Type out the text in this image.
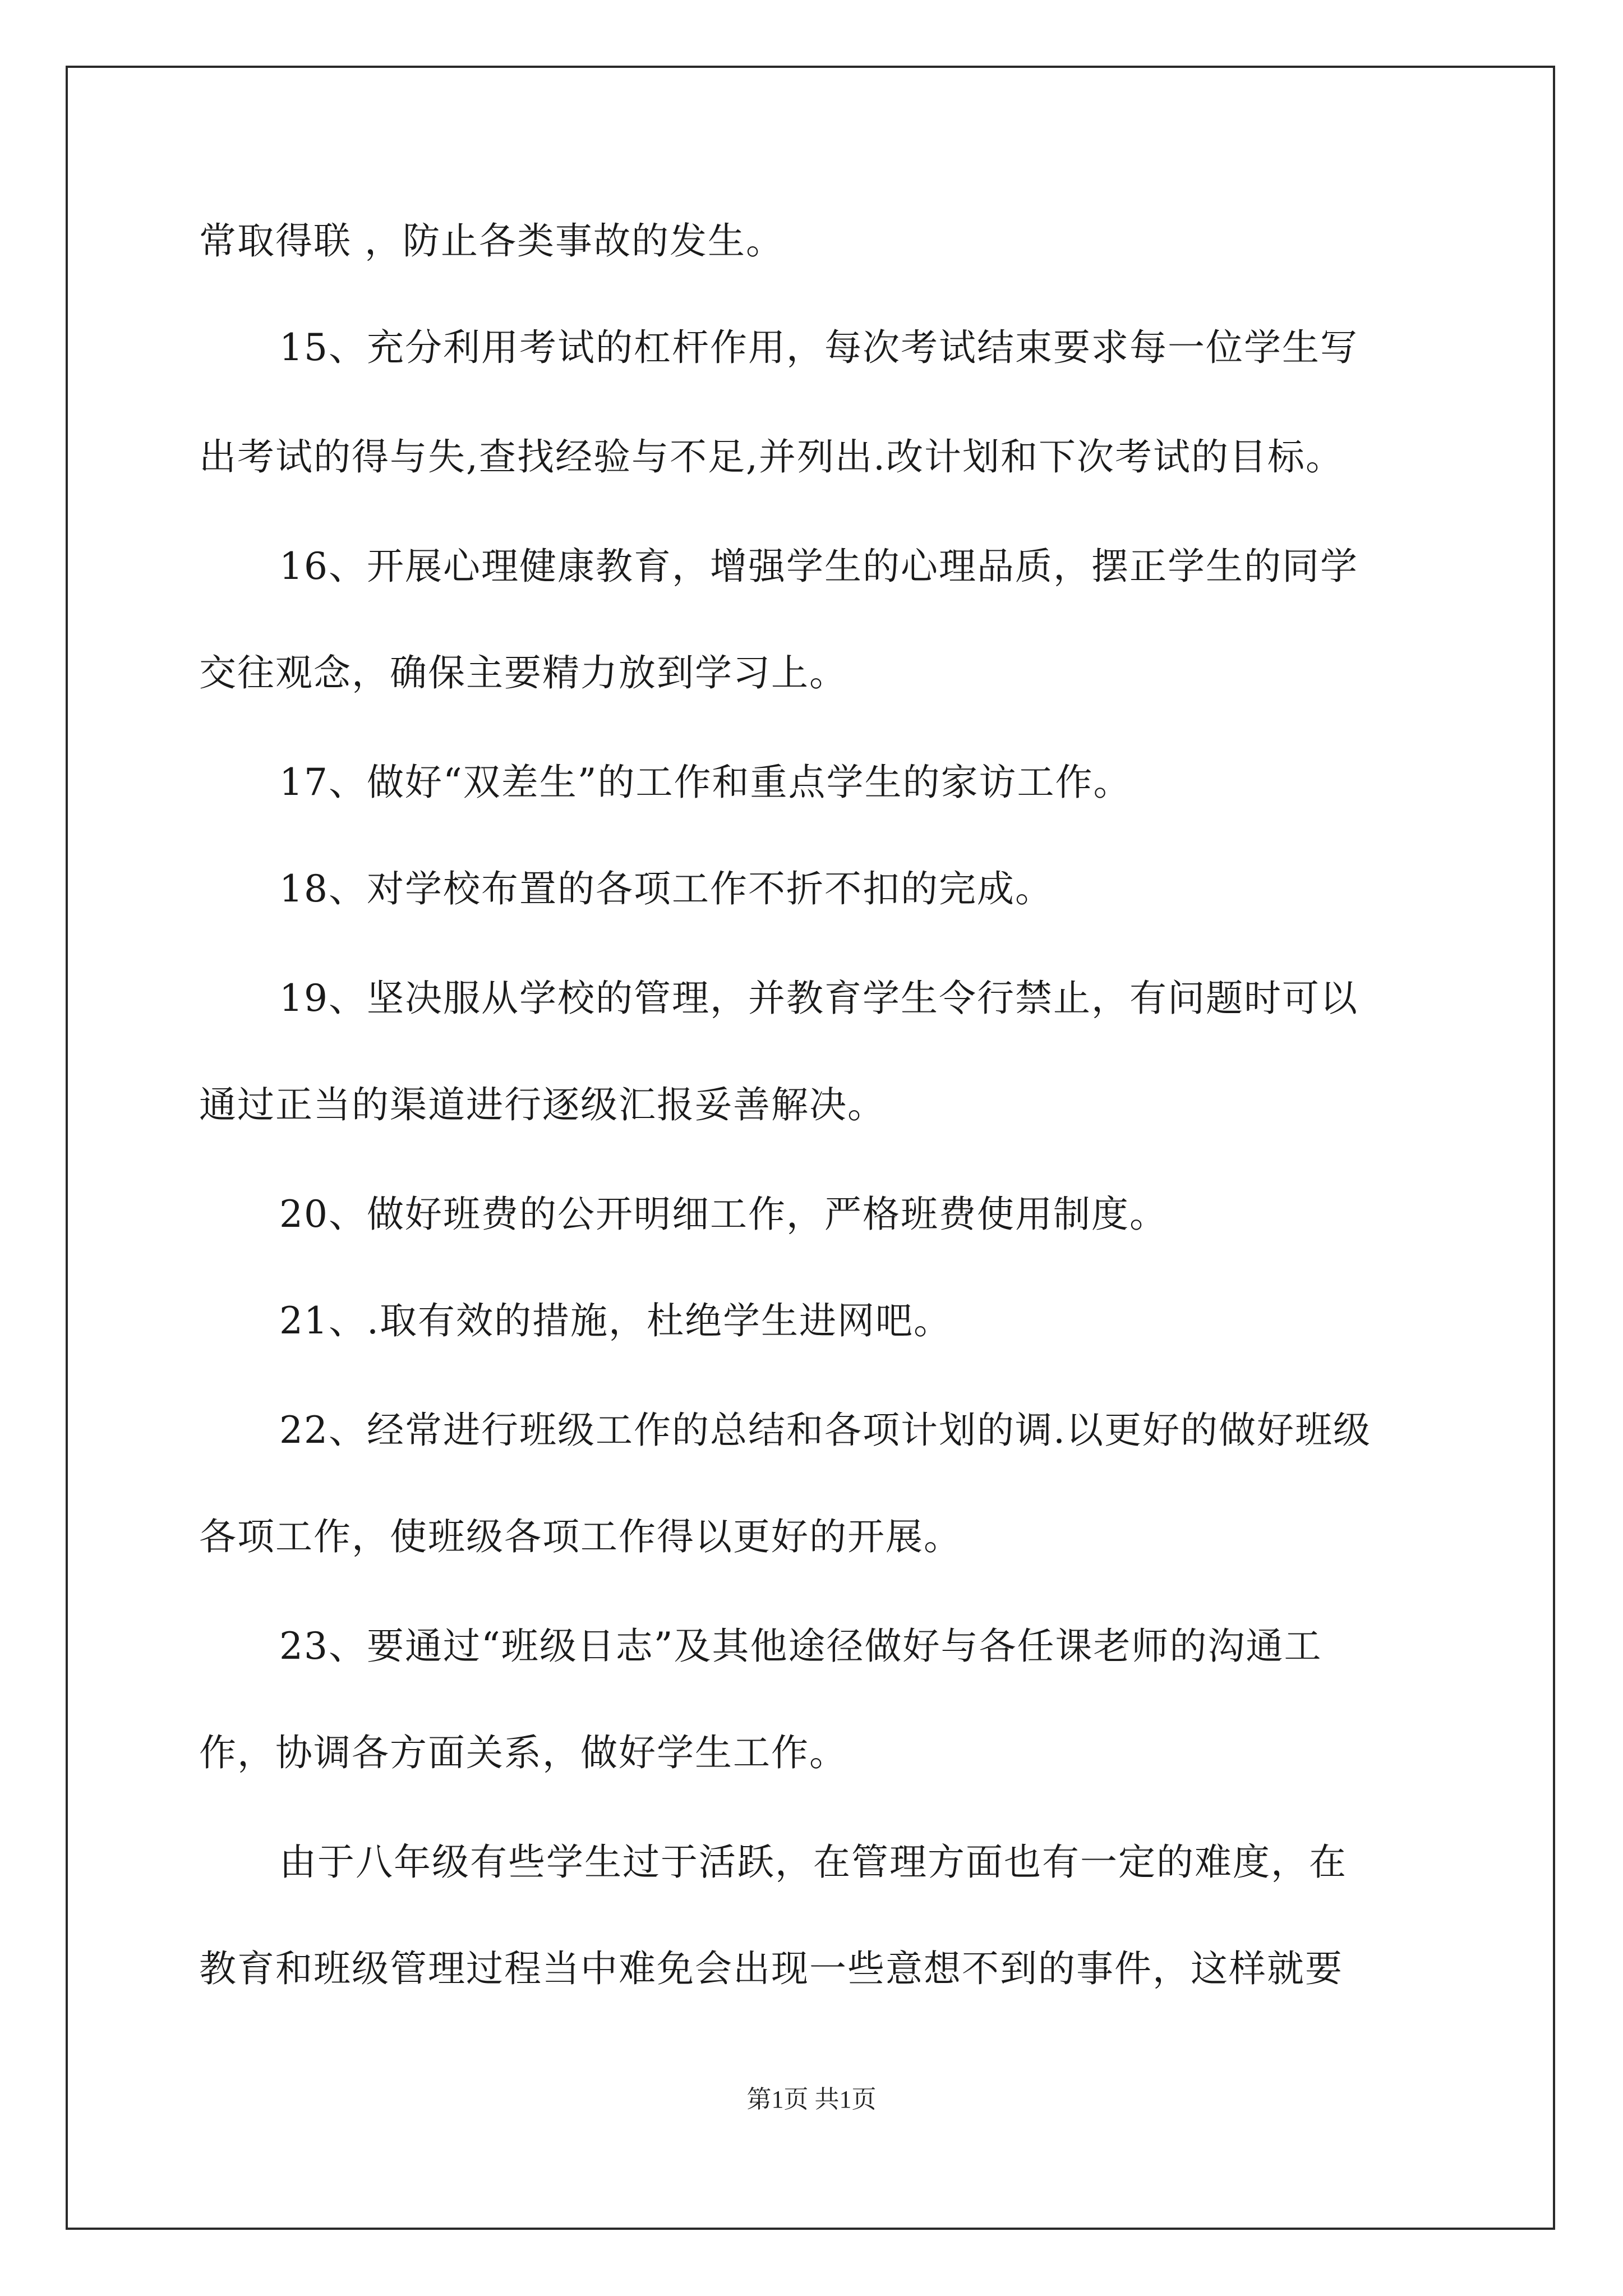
常取得联 ，防止各类事故的发生。
15、充分利用考试的杠杆作用，每次考试结束要求每一位学生写
出考试的得与失,查找经验与不足,并列出.改计划和下次考试的目标。
16、开展心理健康教育，增强学生的心理品质，摆正学生的同学
交往观念，确保主要精力放到学习上。
17、做好“双差生”的工作和重点学生的家访工作。
18、对学校布置的各项工作不折不扣的完成。
19、坚决服从学校的管理，并教育学生令行禁止，有问题时可以
通过正当的渠道进行逐级汇报妥善解决。
20、做好班费的公开明细工作，严格班费使用制度。
21、.取有效的措施，杜绝学生进网吧。
22、经常进行班级工作的总结和各项计划的调.以更好的做好班级
各项工作，使班级各项工作得以更好的开展。
23、要通过“班级日志”及其他途径做好与各任课老师的沟通工
作，协调各方面关系，做好学生工作。
由于八年级有些学生过于活跃，在管理方面也有一定的难度，在
教育和班级管理过程当中难免会出现一些意想不到的事件，这样就要
第1页 共1页
